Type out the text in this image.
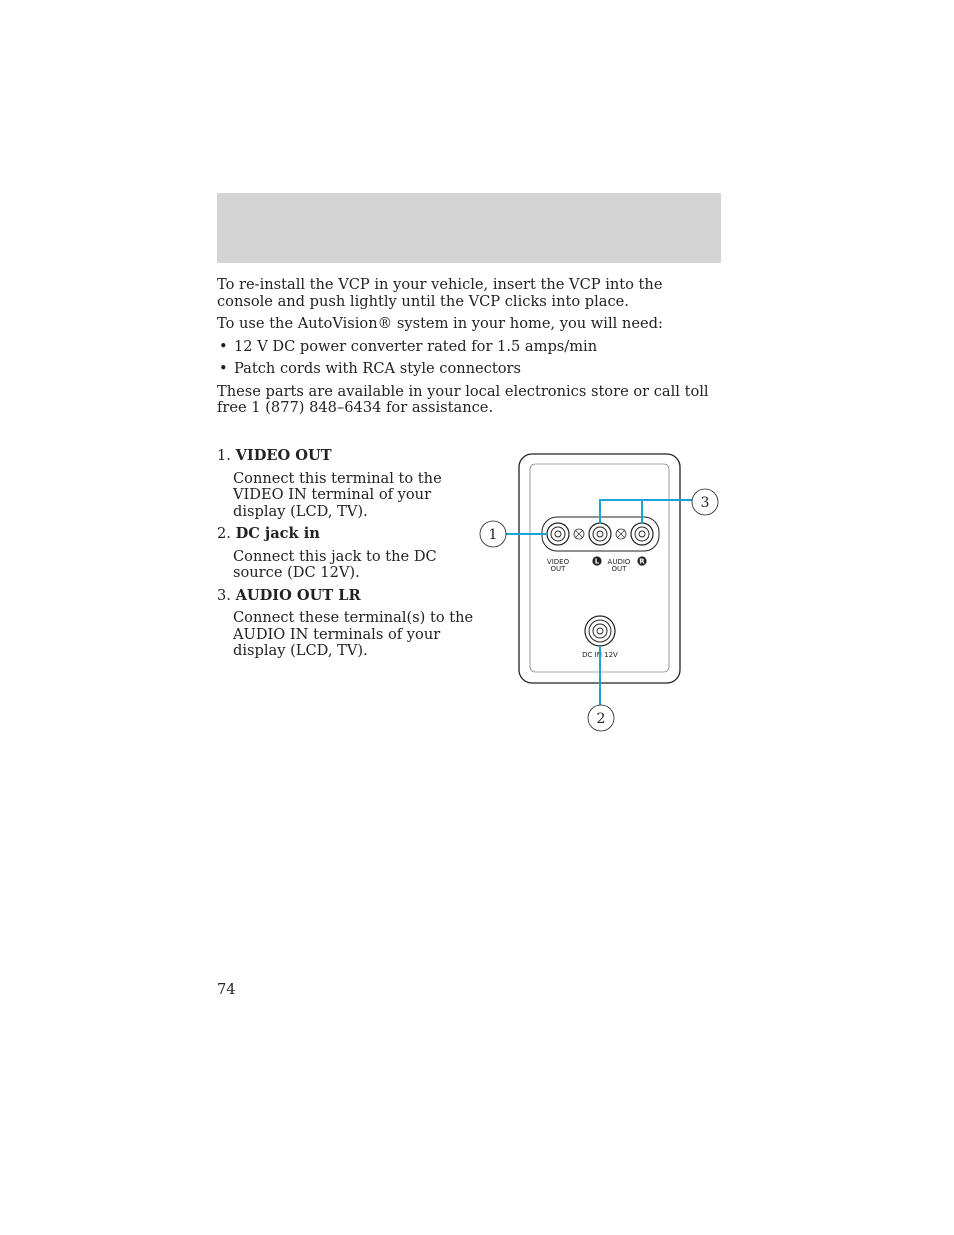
To re-install the VCP in your vehicle, insert the VCP into the console and push lightly until the VCP clicks into place.

To use the AutoVision® system in your home, you will need:

• 12 V DC power converter rated for 1.5 amps/min
• Patch cords with RCA style connectors

These parts are available in your local electronics store or call toll free 1 (877) 848–6434 for assistance.

1. VIDEO OUT

Connect this terminal to the VIDEO IN terminal of your display (LCD, TV).

2. DC jack in

Connect this jack to the DC source (DC 12V).

3. AUDIO OUT LR

Connect these terminal(s) to the AUDIO IN terminals of your display (LCD, TV).

VIDEO
OUT
L AUDIO
OUT
R
DC IN 12V
1
3
2
74
